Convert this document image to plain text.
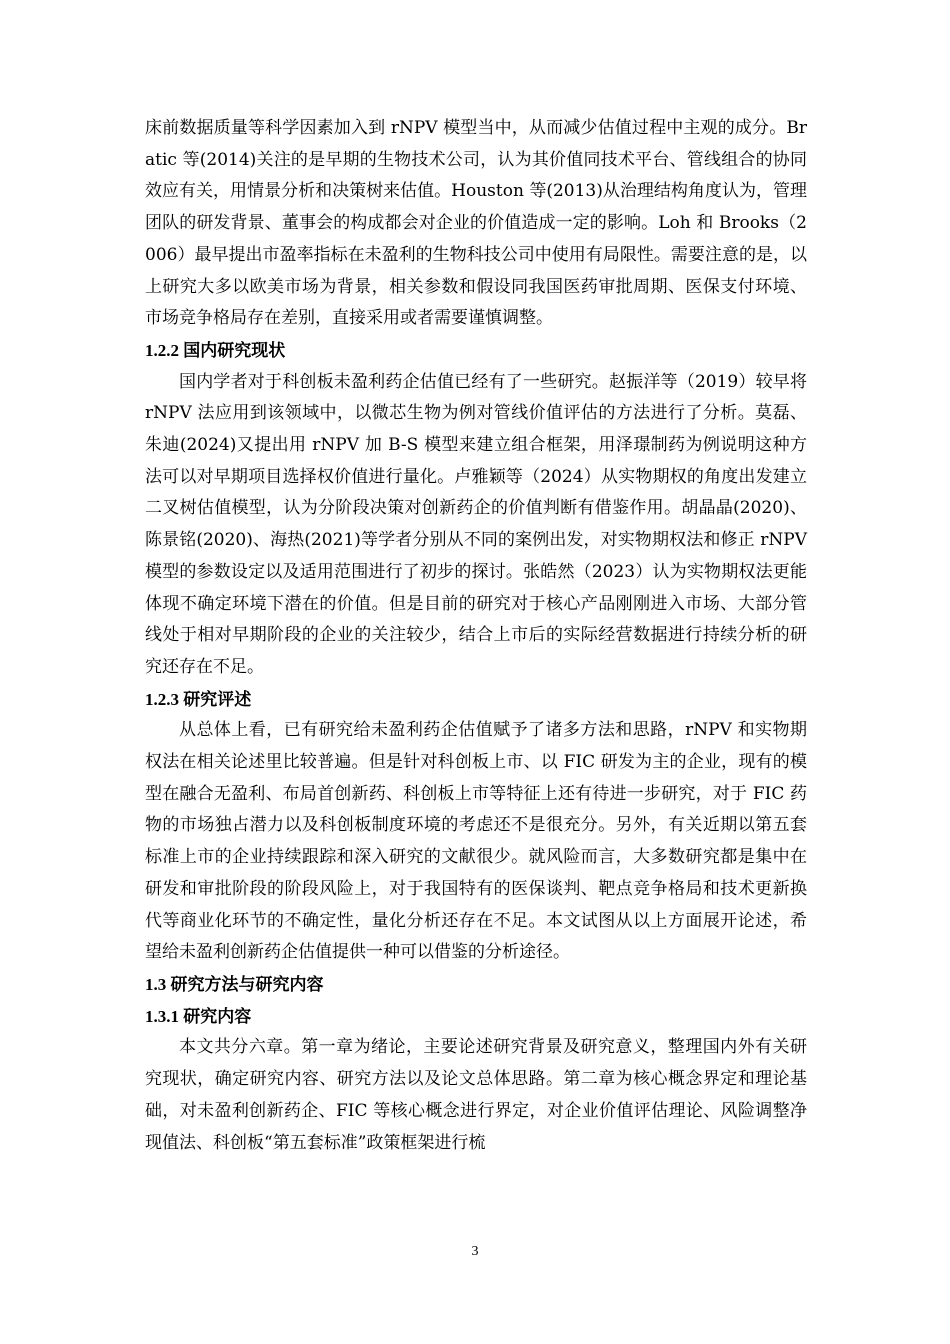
床前数据质量等科学因素加入到 rNPV 模型当中，从而减少估值过程中主观的成分。Bratic 等(2014)关注的是早期的生物技术公司，认为其价值同技术平台、管线组合的协同效应有关，用情景分析和决策树来估值。Houston 等(2013)从治理结构角度认为，管理团队的研发背景、董事会的构成都会对企业的价值造成一定的影响。Loh 和 Brooks（2006）最早提出市盈率指标在未盈利的生物科技公司中使用有局限性。需要注意的是，以上研究大多以欧美市场为背景，相关参数和假设同我国医药审批周期、医保支付环境、市场竞争格局存在差别，直接采用或者需要谨慎调整。

1.2.2 国内研究现状

国内学者对于科创板未盈利药企估值已经有了一些研究。赵振洋等（2019）较早将 rNPV 法应用到该领域中，以微芯生物为例对管线价值评估的方法进行了分析。莫磊、朱迪(2024)又提出用 rNPV 加 B-S 模型来建立组合框架，用泽璟制药为例说明这种方法可以对早期项目选择权价值进行量化。卢雅颖等（2024）从实物期权的角度出发建立二叉树估值模型，认为分阶段决策对创新药企的价值判断有借鉴作用。胡晶晶(2020)、陈景铭(2020)、海热(2021)等学者分别从不同的案例出发，对实物期权法和修正 rNPV 模型的参数设定以及适用范围进行了初步的探讨。张皓然（2023）认为实物期权法更能体现不确定环境下潜在的价值。但是目前的研究对于核心产品刚刚进入市场、大部分管线处于相对早期阶段的企业的关注较少，结合上市后的实际经营数据进行持续分析的研究还存在不足。

1.2.3 研究评述

从总体上看，已有研究给未盈利药企估值赋予了诸多方法和思路，rNPV 和实物期权法在相关论述里比较普遍。但是针对科创板上市、以 FIC 研发为主的企业，现有的模型在融合无盈利、布局首创新药、科创板上市等特征上还有待进一步研究，对于 FIC 药物的市场独占潜力以及科创板制度环境的考虑还不是很充分。另外，有关近期以第五套标准上市的企业持续跟踪和深入研究的文献很少。就风险而言，大多数研究都是集中在研发和审批阶段的阶段风险上，对于我国特有的医保谈判、靶点竞争格局和技术更新换代等商业化环节的不确定性，量化分析还存在不足。本文试图从以上方面展开论述，希望给未盈利创新药企估值提供一种可以借鉴的分析途径。

1.3 研究方法与研究内容

1.3.1 研究内容

本文共分六章。第一章为绪论，主要论述研究背景及研究意义，整理国内外有关研究现状，确定研究内容、研究方法以及论文总体思路。第二章为核心概念界定和理论基础，对未盈利创新药企、FIC 等核心概念进行界定，对企业价值评估理论、风险调整净现值法、科创板“第五套标准”政策框架进行梳

3
